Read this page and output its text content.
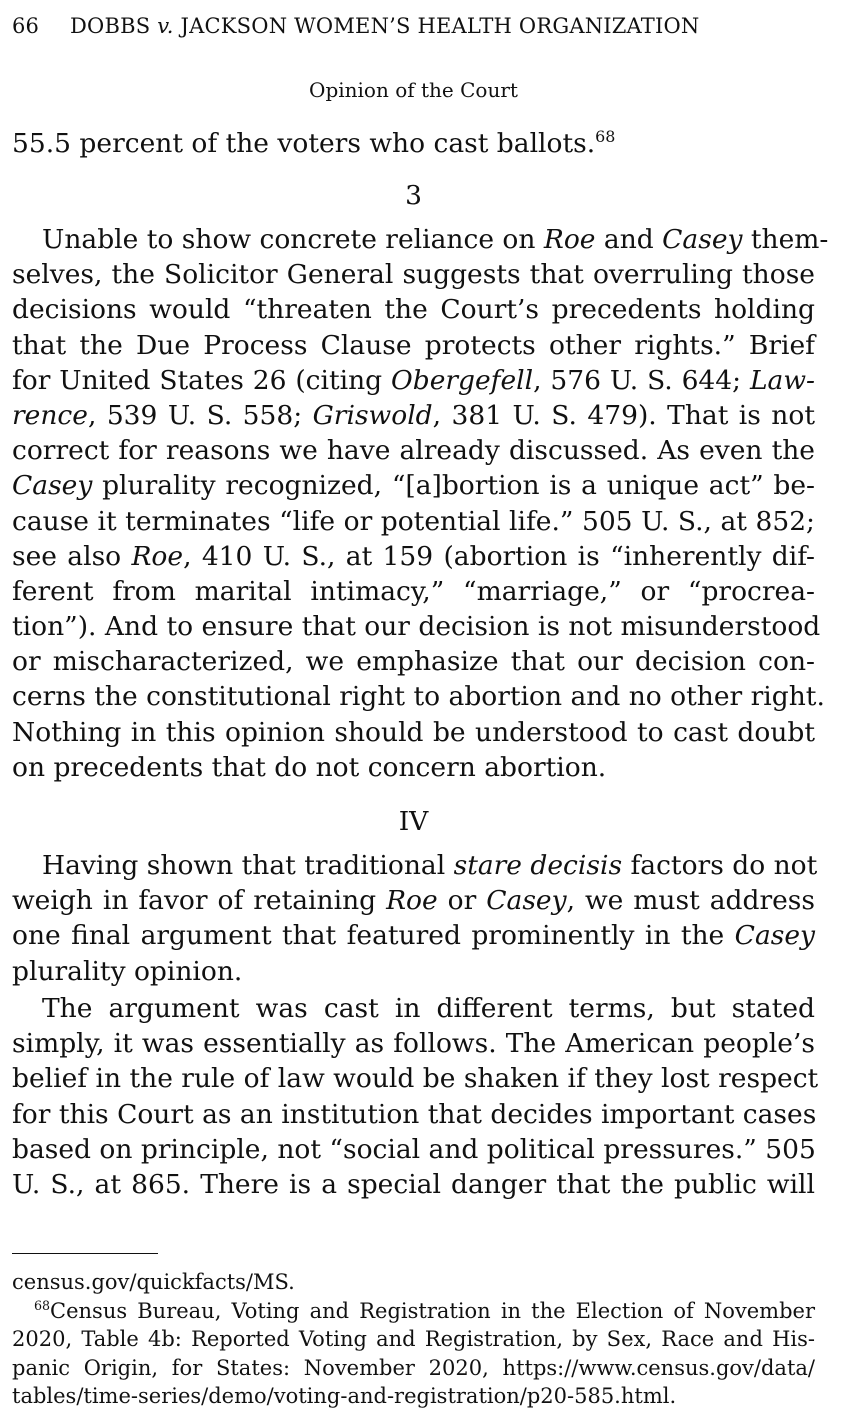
66 DOBBS v. JACKSON WOMEN’S HEALTH ORGANIZATION
Opinion of the Court
55.5 percent of the voters who cast ballots.$^{68}$
3
Unable to show concrete reliance on Roe and Casey them-
selves, the Solicitor General suggests that overruling those
decisions would “threaten the Court’s precedents holding
that the Due Process Clause protects other rights.” Brief
for United States 26 (citing Obergefell, 576 U. S. 644; Law-
rence, 539 U. S. 558; Griswold, 381 U. S. 479). That is not
correct for reasons we have already discussed. As even the
Casey plurality recognized, “[a]bortion is a unique act” be-
cause it terminates “life or potential life.” 505 U. S., at 852;
see also Roe, 410 U. S., at 159 (abortion is “inherently dif-
ferent from marital intimacy,” “marriage,” or “procrea-
tion”). And to ensure that our decision is not misunderstood
or mischaracterized, we emphasize that our decision con-
cerns the constitutional right to abortion and no other right.
Nothing in this opinion should be understood to cast doubt
on precedents that do not concern abortion.
IV
Having shown that traditional stare decisis factors do not
weigh in favor of retaining Roe or Casey, we must address
one final argument that featured prominently in the Casey
plurality opinion.
The argument was cast in different terms, but stated
simply, it was essentially as follows. The American people’s
belief in the rule of law would be shaken if they lost respect
for this Court as an institution that decides important cases
based on principle, not “social and political pressures.” 505
U. S., at 865. There is a special danger that the public will
census.gov/quickfacts/MS.
$^{68}$Census Bureau, Voting and Registration in the Election of November
2020, Table 4b: Reported Voting and Registration, by Sex, Race and His-
panic Origin, for States: November 2020, https://www.census.gov/data/
tables/time-series/demo/voting-and-registration/p20-585.html.
